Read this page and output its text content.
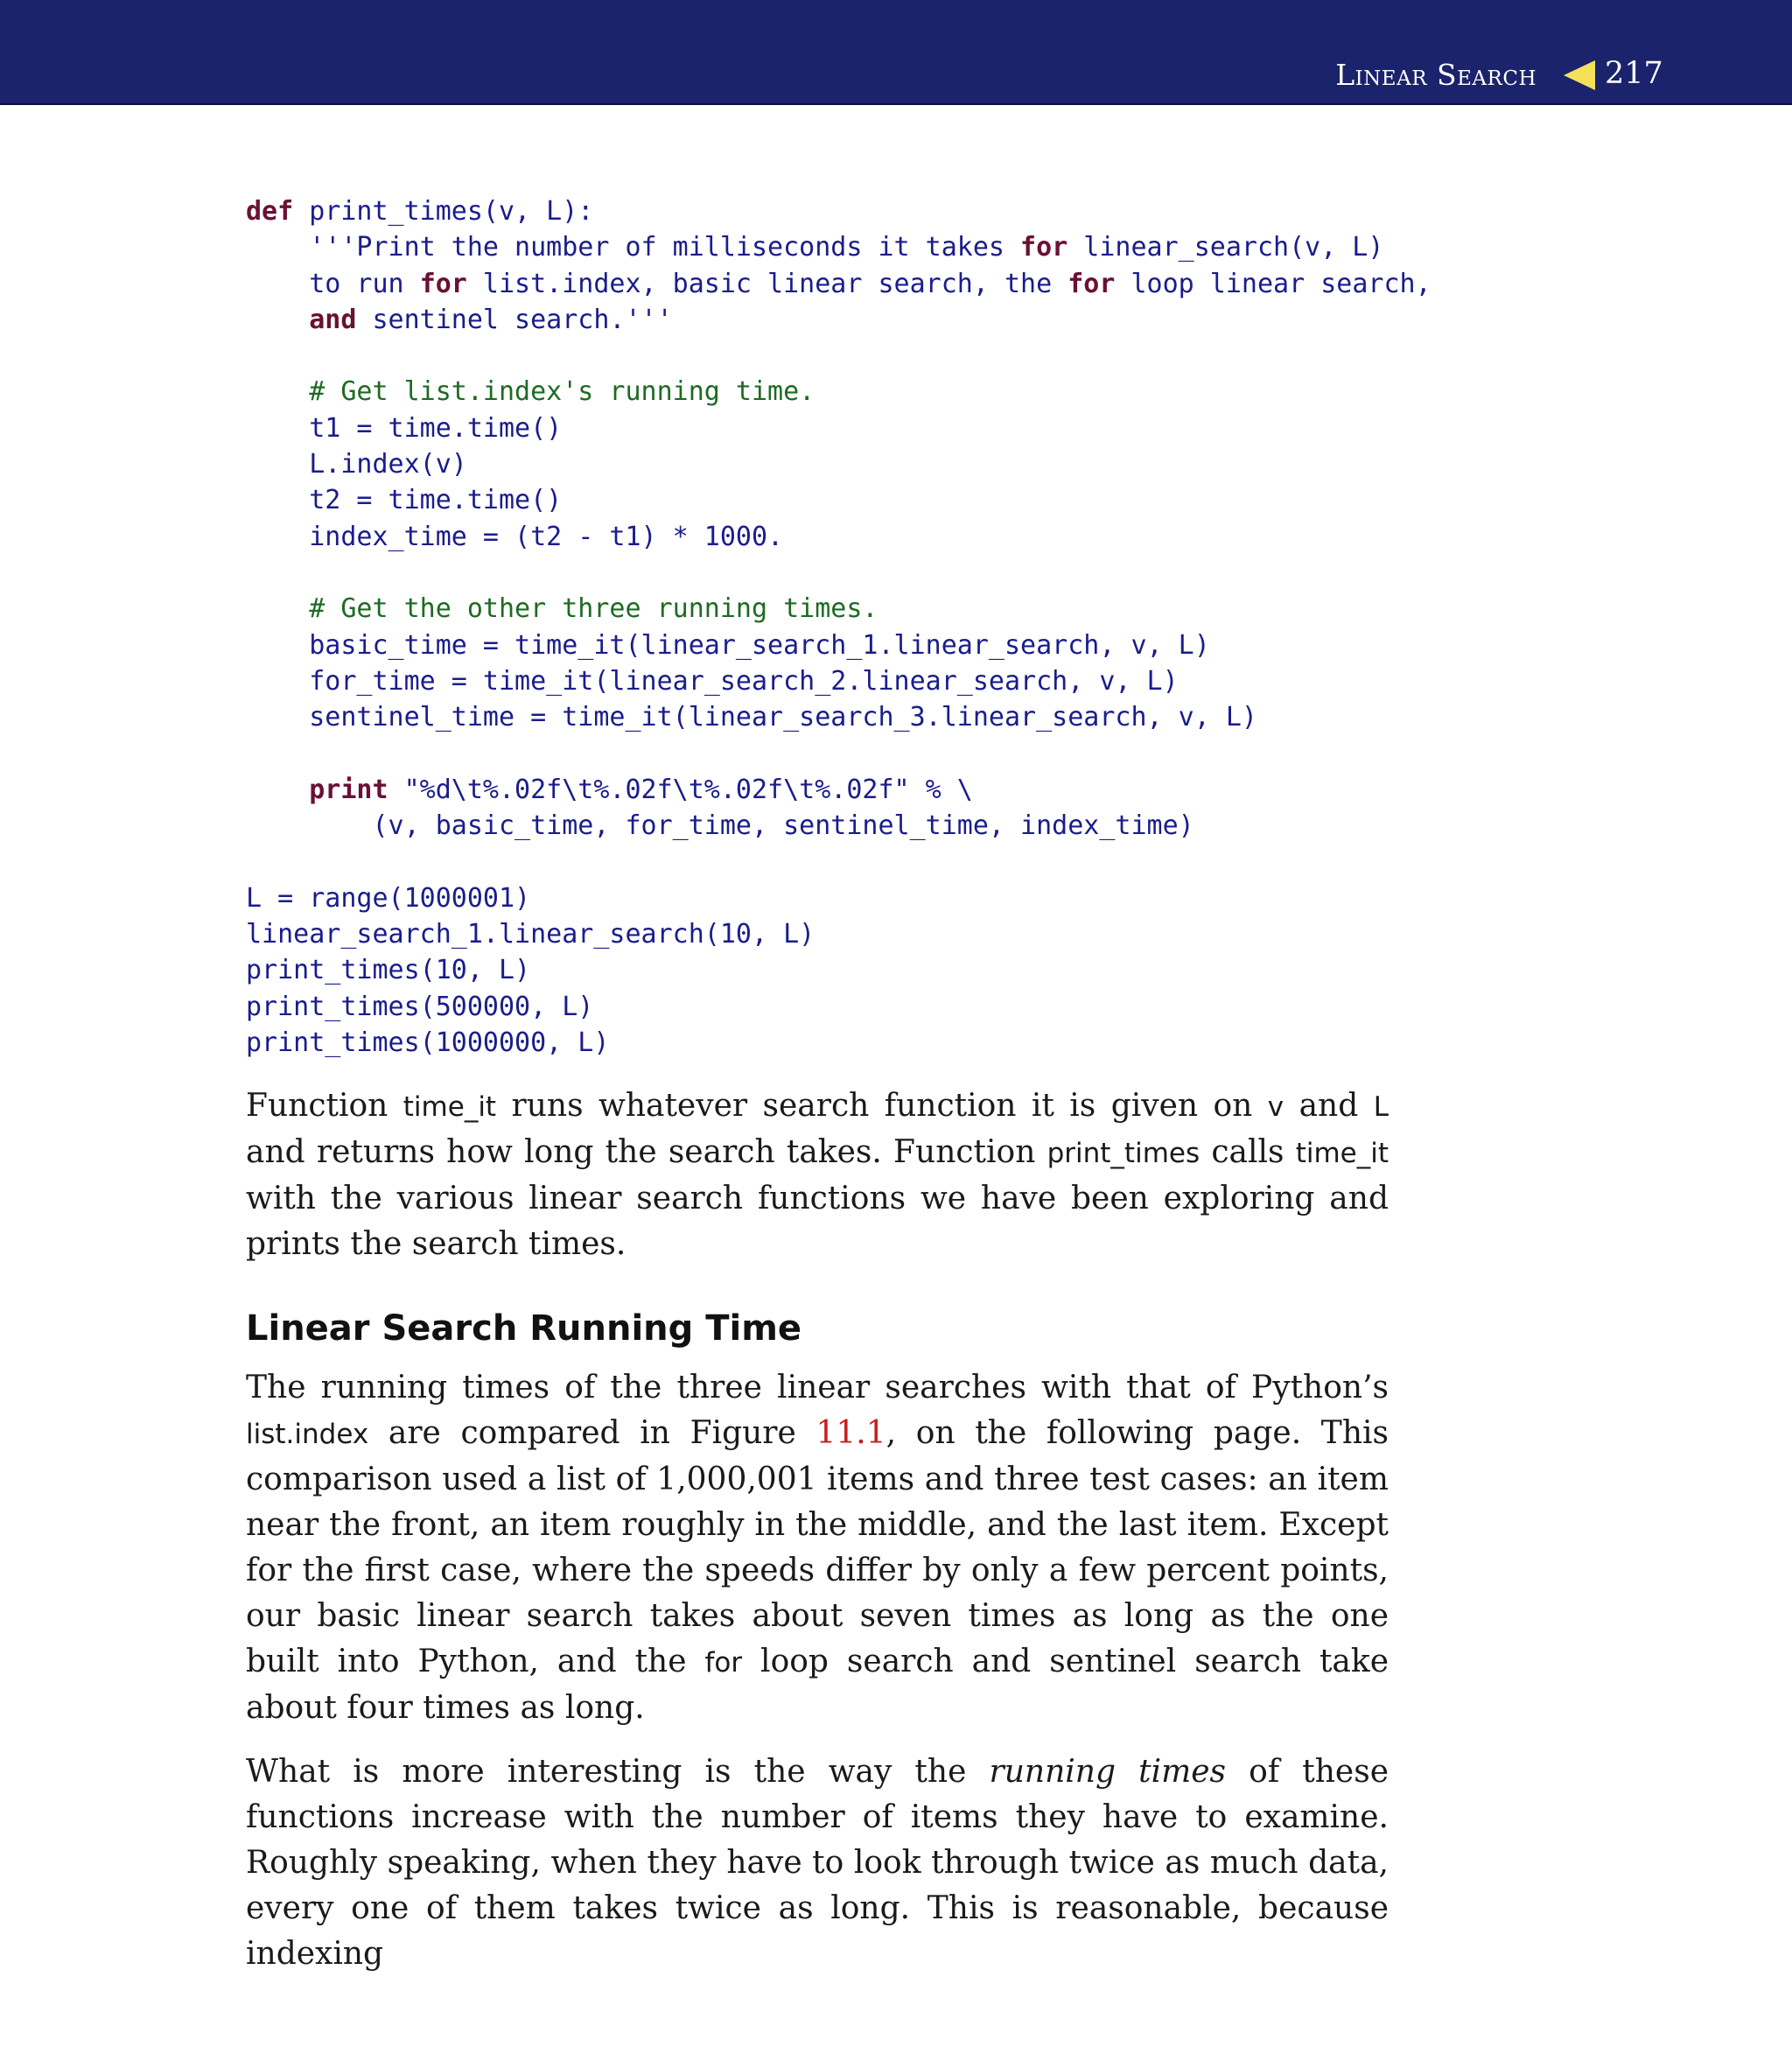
Linear Search 217
def print_times(v, L):
'''Print the number of milliseconds it takes for linear_search(v, L)
to run for list.index, basic linear search, the for loop linear search,
and sentinel search.'''
# Get list.index's running time.
t1 = time.time()
L.index(v)
t2 = time.time()
index_time = (t2 - t1) * 1000.
# Get the other three running times.
basic_time = time_it(linear_search_1.linear_search, v, L)
for_time = time_it(linear_search_2.linear_search, v, L)
sentinel_time = time_it(linear_search_3.linear_search, v, L)
print "%d\t%.02f\t%.02f\t%.02f\t%.02f" % \
(v, basic_time, for_time, sentinel_time, index_time)
L = range(1000001)
linear_search_1.linear_search(10, L)
print_times(10, L)
print_times(500000, L)
print_times(1000000, L)

Function time_it runs whatever search function it is given on v and L and returns how long the search takes. Function print_times calls time_it with the various linear search functions we have been exploring and prints the search times.

Linear Search Running Time

The running times of the three linear searches with that of Python’s list.index are compared in Figure 11.1, on the following page. This comparison used a list of 1,000,001 items and three test cases: an item near the front, an item roughly in the middle, and the last item. Except for the first case, where the speeds differ by only a few percent points, our basic linear search takes about seven times as long as the one built into Python, and the for loop search and sentinel search take about four times as long.

What is more interesting is the way the running times of these functions increase with the number of items they have to examine. Roughly speaking, when they have to look through twice as much data, every one of them takes twice as long. This is reasonable, because indexing
